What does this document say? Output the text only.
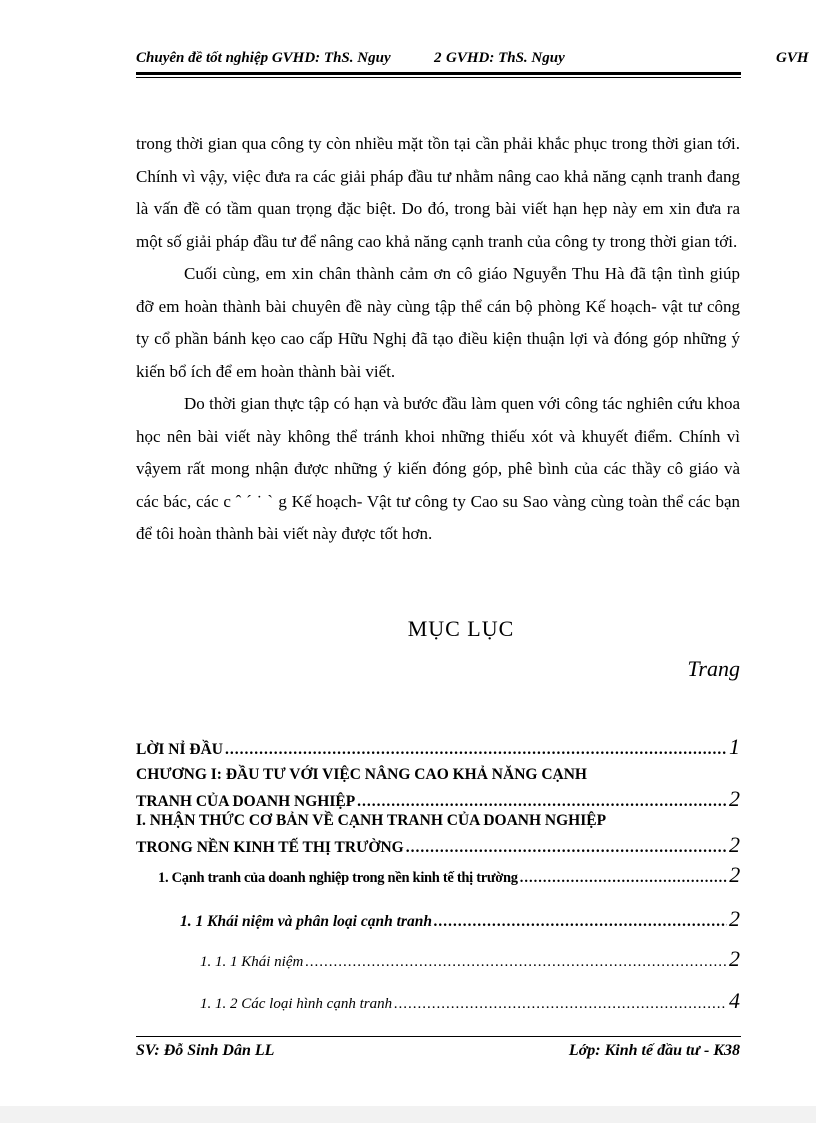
Chuyên đề tốt nghiệp GVHD: ThS. Nguy	2 GVHD: ThS. Nguy	GVH

trong thời gian qua công ty còn nhiều mặt tồn tại cần phải khắc phục trong thời gian tới. Chính vì vậy, việc đưa ra các giải pháp đầu tư nhằm nâng cao khả năng cạnh tranh đang là vấn đề có tầm quan trọng đặc biệt. Do đó, trong bài viết hạn hẹp này em xin đưa ra một số giải pháp đầu tư để nâng cao khả năng cạnh tranh của công ty trong thời gian tới.

Cuối cùng, em xin chân thành cảm ơn cô giáo Nguyễn Thu Hà đã tận tình giúp đỡ em hoàn thành bài chuyên đề này cùng tập thể cán bộ phòng Kế hoạch- vật tư công ty cổ phần bánh kẹo cao cấp Hữu Nghị đã tạo điều kiện thuận lợi và đóng góp những ý kiến bổ ích để em hoàn thành bài viết.

Do thời gian thực tập có hạn và bước đầu làm quen với công tác nghiên cứu khoa học nên bài viết này không thể tránh khoi những thiếu xót và khuyết điểm. Chính vì vậyem rất mong nhận được những ý kiến đóng góp, phê bình của các thầy cô giáo và các bác, các c ˆ ´ ˙ ˋ g Kế hoạch- Vật tư công ty Cao su Sao vàng cùng toàn thể các bạn để tôi hoàn thành bài viết này được tốt hơn.

MỤC LỤC
Trang
LỜI NỈ ĐẦU .....	1
CHƯƠNG I: ĐẦU TƯ VỚI VIỆC NÂNG CAO KHẢ NĂNG CẠNH
TRANH CỦA DOANH NGHIỆP .....	2
I. NHẬN THỨC CƠ BẢN VỀ CẠNH TRANH CỦA DOANH NGHIỆP
TRONG NỀN KINH TẾ THỊ TRƯỜNG .....	2
1. Cạnh tranh của doanh nghiệp trong nền kinh tế thị trường .....	2
1. 1 Khái niệm và phân loại cạnh tranh .....	2
1. 1. 1 Khái niệm .....	2
1. 1. 2 Các loại hình cạnh tranh .....	4
SV: Đỗ Sinh Dân LL	Lớp: Kinh tế đầu tư - K38
